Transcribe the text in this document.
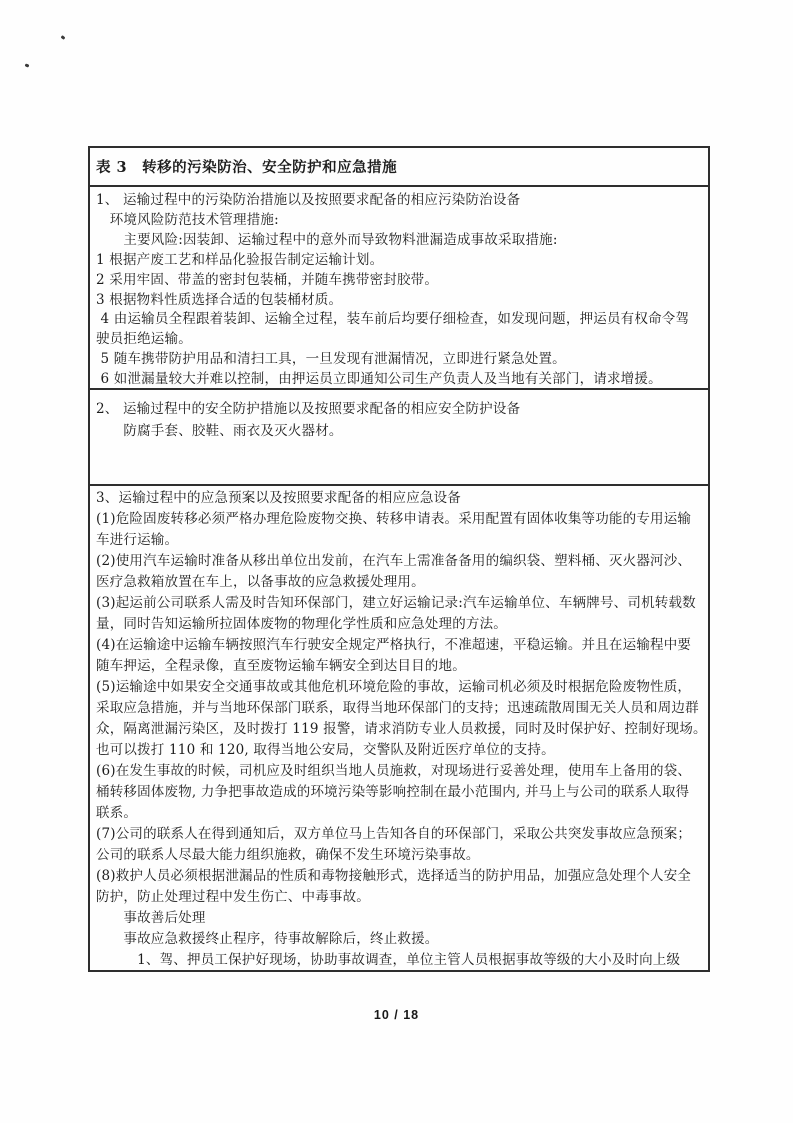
表 3　转移的污染防治、安全防护和应急措施
1、 运输过程中的污染防治措施以及按照要求配备的相应污染防治设备
　环境风险防范技术管理措施:
　　主要风险:因装卸、运输过程中的意外而导致物料泄漏造成事故采取措施:
1 根据产废工艺和样品化验报告制定运输计划。
2 采用牢固、带盖的密封包装桶，并随车携带密封胶带。
3 根据物料性质选择合适的包装桶材质。
4 由运输员全程跟着装卸、运输全过程，装车前后均要仔细检查，如发现问题，押运员有权命令驾
驶员拒绝运输。
5 随车携带防护用品和清扫工具，一旦发现有泄漏情况，立即进行紧急处置。
6 如泄漏量较大并难以控制，由押运员立即通知公司生产负责人及当地有关部门，请求增援。
2、 运输过程中的安全防护措施以及按照要求配备的相应安全防护设备
　　防腐手套、胶鞋、雨衣及灭火器材。
3、运输过程中的应急预案以及按照要求配备的相应应急设备
(1)危险固废转移必须严格办理危险废物交换、转移申请表。采用配置有固体收集等功能的专用运输
车进行运输。
(2)使用汽车运输时准备从移出单位出发前，在汽车上需准备备用的编织袋、塑料桶、灭火器河沙、
医疗急救箱放置在车上，以备事故的应急救援处理用。
(3)起运前公司联系人需及时告知环保部门，建立好运输记录:汽车运输单位、车辆牌号、司机转载数
量，同时告知运输所拉固体废物的物理化学性质和应急处理的方法。
(4)在运输途中运输车辆按照汽车行驶安全规定严格执行，不准超速，平稳运输。并且在运输程中要
随车押运，全程录像，直至废物运输车辆安全到达目目的地。
(5)运输途中如果安全交通事故或其他危机环境危险的事故，运输司机必须及时根据危险废物性质，
采取应急措施，并与当地环保部门联系，取得当地环保部门的支持；迅速疏散周围无关人员和周边群
众，隔离泄漏污染区，及时拨打 119 报警，请求消防专业人员救援，同时及时保护好、控制好现场。
也可以拨打 110 和 120, 取得当地公安局，交警队及附近医疗单位的支持。
(6)在发生事故的时候，司机应及时组织当地人员施救，对现场进行妥善处理，使用车上备用的袋、
桶转移固体废物, 力争把事故造成的环境污染等影响控制在最小范围内, 并马上与公司的联系人取得
联系。
(7)公司的联系人在得到通知后，双方单位马上告知各自的环保部门，采取公共突发事故应急预案；
公司的联系人尽最大能力组织施救，确保不发生环境污染事故。
(8)救护人员必须根据泄漏品的性质和毒物接触形式，选择适当的防护用品，加强应急处理个人安全
防护，防止处理过程中发生伤亡、中毒事故。
　　事故善后处理
　　事故应急救援终止程序，待事故解除后，终止救援。
　　　1、驾、押员工保护好现场，协助事故调查，单位主管人员根据事故等级的大小及时向上级
10 / 18
